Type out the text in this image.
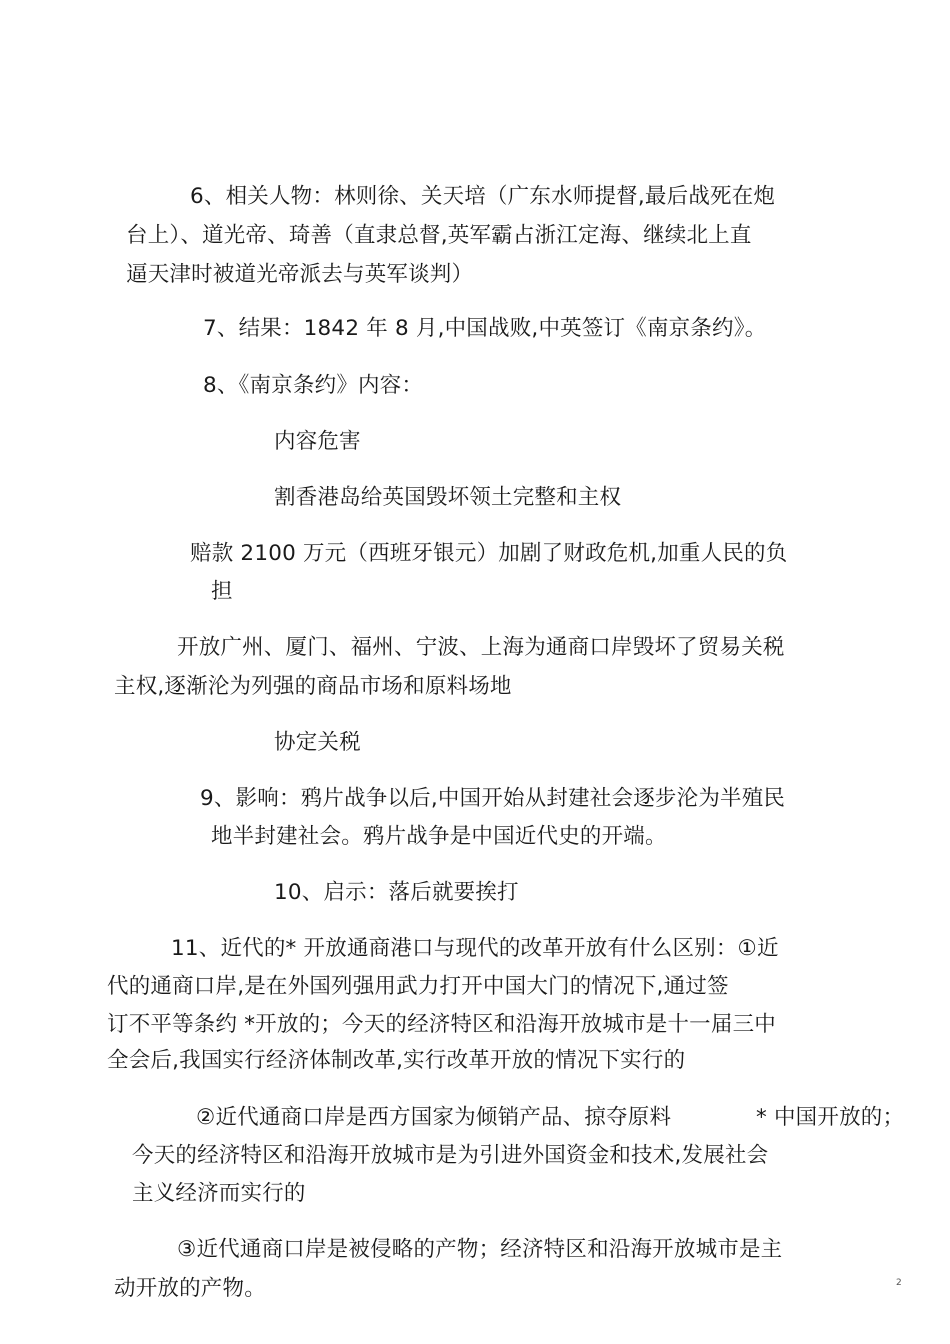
6、相关人物：林则徐、关天培（广东水师提督,最后战死在炮

台上）、道光帝、琦善（直隶总督,英军霸占浙江定海、继续北上直

逼天津时被道光帝派去与英军谈判）

7、结果：1842 年 8 月,中国战败,中英签订《南京条约》。

8、《南京条约》内容：

内容危害

割香港岛给英国毁坏领土完整和主权

赔款 2100 万元（西班牙银元）加剧了财政危机,加重人民的负

担

开放广州、厦门、福州、宁波、上海为通商口岸毁坏了贸易关税

主权,逐渐沦为列强的商品市场和原料场地

协定关税

9、影响：鸦片战争以后,中国开始从封建社会逐步沦为半殖民

地半封建社会。鸦片战争是中国近代史的开端。

10、启示：落后就要挨打

11、近代的* 开放通商港口与现代的改革开放有什么区别：①近

代的通商口岸,是在外国列强用武力打开中国大门的情况下,通过签

订不平等条约 *开放的；今天的经济特区和沿海开放城市是十一届三中

全会后,我国实行经济体制改革,实行改革开放的情况下实行的

②近代通商口岸是西方国家为倾销产品、掠夺原料	* 中国开放的；

今天的经济特区和沿海开放城市是为引进外国资金和技术,发展社会

主义经济而实行的

③近代通商口岸是被侵略的产物；经济特区和沿海开放城市是主

动开放的产物。	2
